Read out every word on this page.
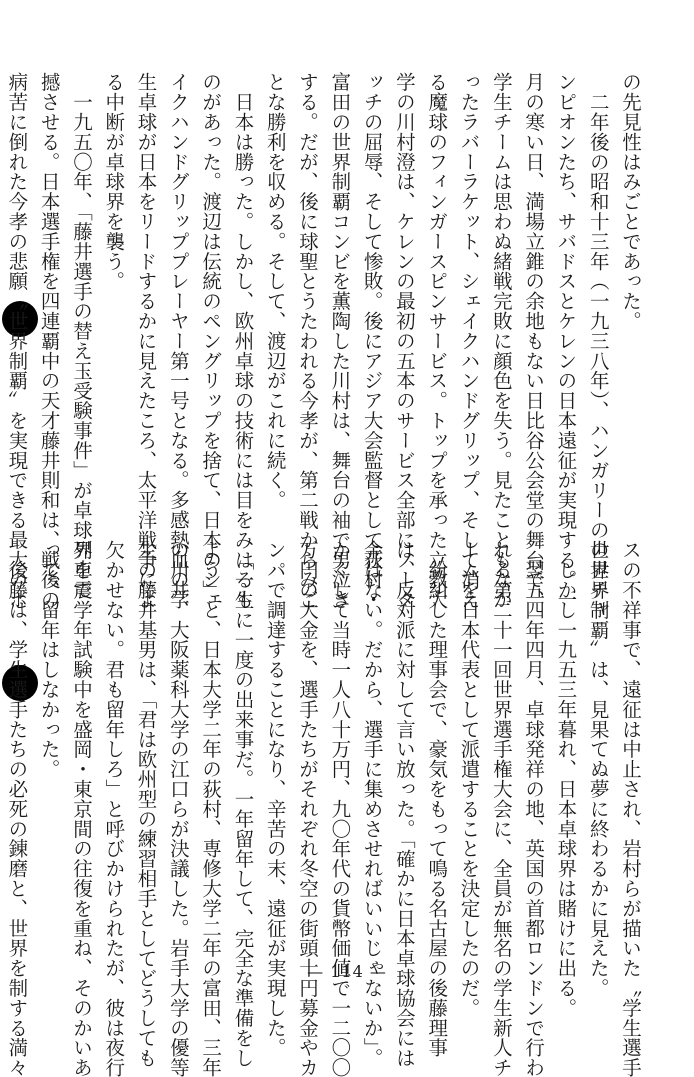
の先見性はみごとであった。

　二年後の昭和十三年（一九三八年）、ハンガリーの世界チャ

ンピオンたち、サバドスとケレンの日本遠征が実現する。一

月の寒い日、満場立錐の余地もない日比谷公会堂の舞台で、

学生チームは思わぬ緒戦完敗に顔色を失う。見たこともなか

ったラバーラケット、シェイクハンドグリップ、そして消え

る魔球のフィンガースピンサービス。トップを承った立教大

学の川村澄は、ケレンの最初の五本のサービス全部にノータ

ッチの屈辱、そして惨敗。後にアジア大会監督として荻村・

富田の世界制覇コンビを薫陶した川村は、舞台の袖で男泣き

する。だが、後に球聖とうたわれる今孝が、第二戦からみご

とな勝利を収める。そして、渡辺がこれに続く。

　日本は勝った。しかし、欧州卓球の技術には目をみはるも

のがあった。渡辺は伝統のペングリップを捨て、日本のシェ

イクハンドグリッププレーヤー第一号となる。多感熱血の学

生卓球が日本をリードするかに見えたころ、太平洋戦争によ

る中断が卓球界を襲う。

　一九五〇年、「藤井選手の替え玉受験事件」が卓球界を震

撼させる。日本選手権を四連覇中の天才藤井則和は、戦後の

病苦に倒れた今孝の悲願〝世界制覇〟を実現できる最大のホ

スの不祥事で、遠征は中止され、岩村らが描いた〝学生選手

の世界制覇〟は、見果てぬ夢に終わるかに見えた。

　しかし一九五三年暮れ、日本卓球界は賭けに出る。

　翌五四年四月、卓球発祥の地、英国の首都ロンドンで行わ

れる第二十一回世界選手権大会に、全員が無名の学生新人チ

ームを日本代表として派遣することを決定したのだ。

　紛糾した理事会で、豪気をもって鳴る名古屋の後藤理事

は、反対派に対して言い放った。「確かに日本卓球協会には

金はない。だから、選手に集めさせればいいじゃないか」。

かくして当時一人八十万円、九〇年代の貨幣価値で一二〇〇

万円の大金を、選手たちがそれぞれ冬空の街頭十円募金やカ

ンパで調達することになり、辛苦の末、遠征が実現した。

　「一生に一度の出来事だ。一年留年して、完全な準備をし

よう」と、日本大学二年の荻村、専修大学二年の富田、三年

の川井、大阪薬科大学の江口らが決議した。岩手大学の優等

生の藤井基男は、「君は欧州型の練習相手としてどうしても

欠かせない。君も留年しろ」と呼びかけられたが、彼は夜行

列車で学年試験中を盛岡・東京間の往復を重ね、そのかいあ

って、留年はしなかった。

　後藤は、学生選手たちの必死の錬磨と、世界を制する満々	— 114 —
